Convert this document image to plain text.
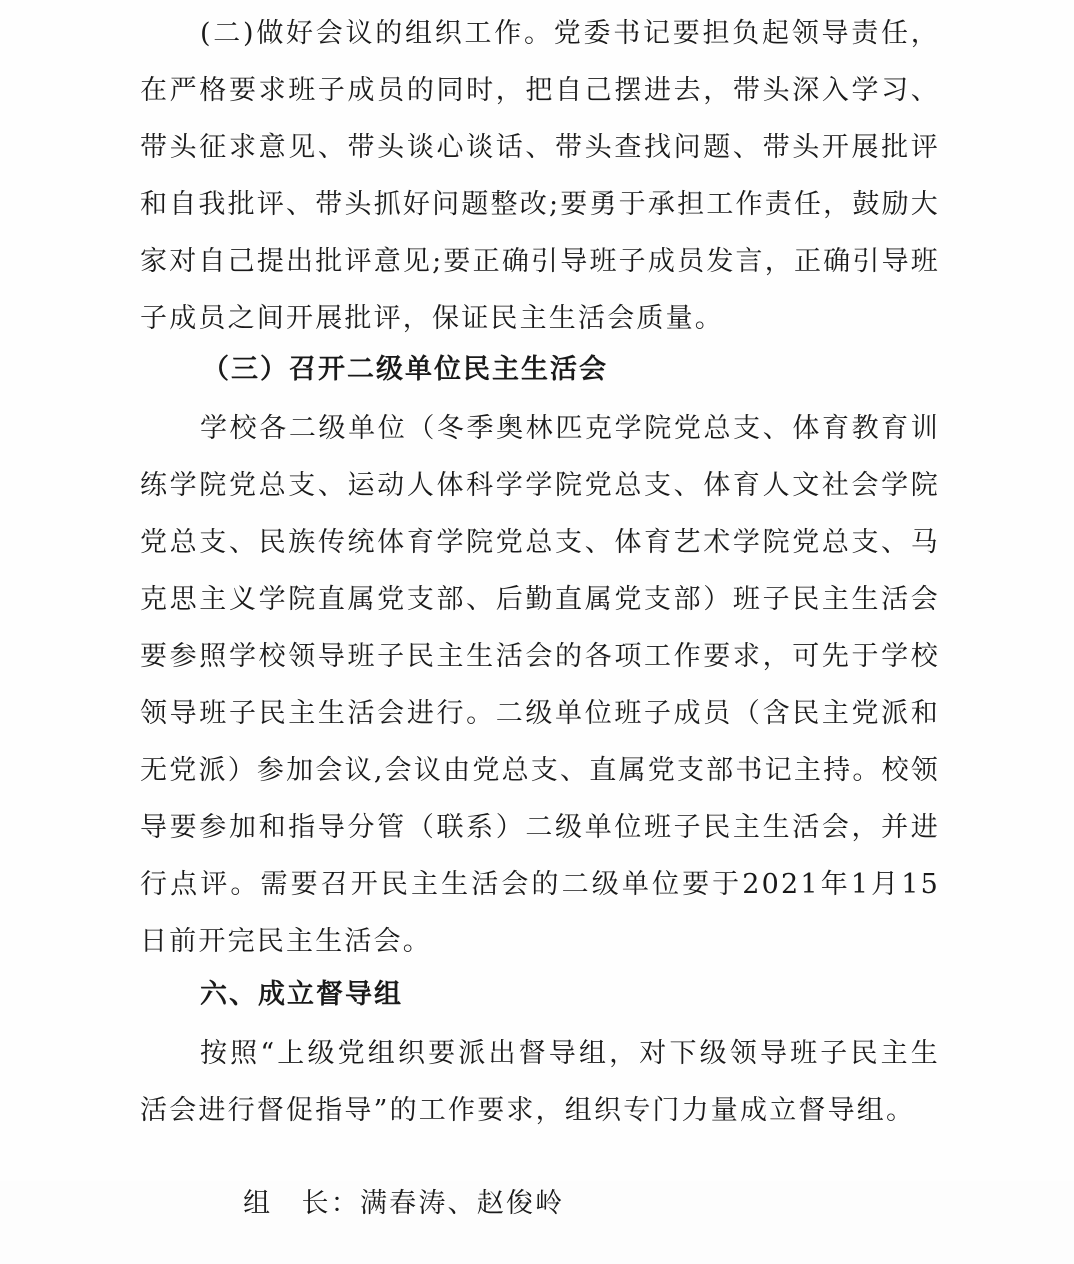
(二)做好会议的组织工作。党委书记要担负起领导责任，在严格要求班子成员的同时，把自己摆进去，带头深入学习、带头征求意见、带头谈心谈话、带头查找问题、带头开展批评和自我批评、带头抓好问题整改;要勇于承担工作责任，鼓励大家对自己提出批评意见;要正确引导班子成员发言，正确引导班子成员之间开展批评，保证民主生活会质量。

（三）召开二级单位民主生活会

学校各二级单位（冬季奥林匹克学院党总支、体育教育训练学院党总支、运动人体科学学院党总支、体育人文社会学院党总支、民族传统体育学院党总支、体育艺术学院党总支、马克思主义学院直属党支部、后勤直属党支部）班子民主生活会要参照学校领导班子民主生活会的各项工作要求，可先于学校领导班子民主生活会进行。二级单位班子成员（含民主党派和无党派）参加会议,会议由党总支、直属党支部书记主持。校领导要参加和指导分管（联系）二级单位班子民主生活会，并进行点评。需要召开民主生活会的二级单位要于2021年1月15日前开完民主生活会。

六、成立督导组

按照“上级党组织要派出督导组，对下级领导班子民主生活会进行督促指导”的工作要求，组织专门力量成立督导组。

组　长：满春涛、赵俊岭
